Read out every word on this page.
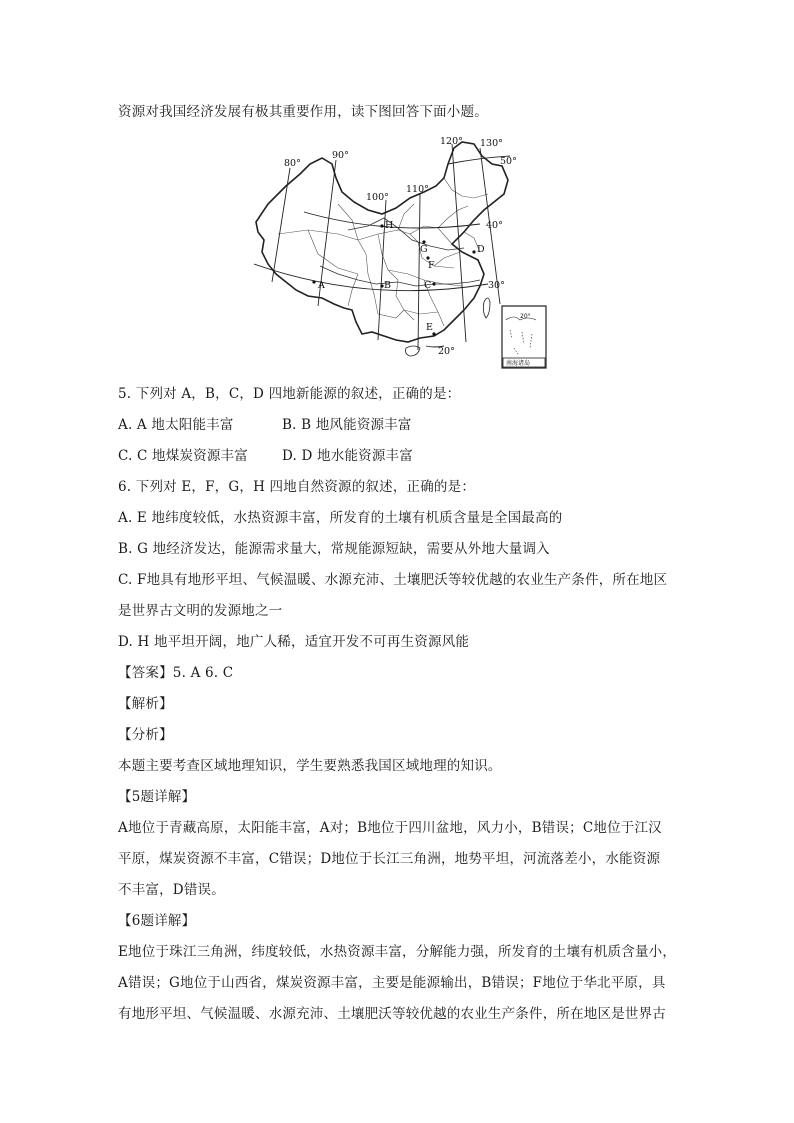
资源对我国经济发展有极其重要作用，读下图回答下面小题。
80°
90°
100°
110°
120° 130°
50°
40°
30°
20°
A	B	C
D
E
F
G
H
南海诸岛
20°
5. 下列对 A，B，C，D 四地新能源的叙述，正确的是：
A. A 地太阳能丰富	B. B 地风能资源丰富
C. C 地煤炭资源丰富	D. D 地水能资源丰富
6. 下列对 E，F，G，H 四地自然资源的叙述，正确的是：
A. E 地纬度较低，水热资源丰富，所发育的土壤有机质含量是全国最高的
B. G 地经济发达，能源需求量大，常规能源短缺，需要从外地大量调入
C. F地具有地形平坦、气候温暖、水源充沛、土壤肥沃等较优越的农业生产条件，所在地区
是世界古文明的发源地之一
D. H 地平坦开阔，地广人稀，适宜开发不可再生资源风能
【答案】5. A 6. C
【解析】
【分析】
本题主要考查区域地理知识，学生要熟悉我国区域地理的知识。
【5题详解】
A地位于青藏高原，太阳能丰富，A对；B地位于四川盆地，风力小，B错误；C地位于江汉
平原，煤炭资源不丰富，C错误；D地位于长江三角洲，地势平坦，河流落差小，水能资源
不丰富，D错误。
【6题详解】
E地位于珠江三角洲，纬度较低，水热资源丰富，分解能力强，所发育的土壤有机质含量小，
A错误；G地位于山西省，煤炭资源丰富，主要是能源输出，B错误；F地位于华北平原，具
有地形平坦、气候温暖、水源充沛、土壤肥沃等较优越的农业生产条件，所在地区是世界古
